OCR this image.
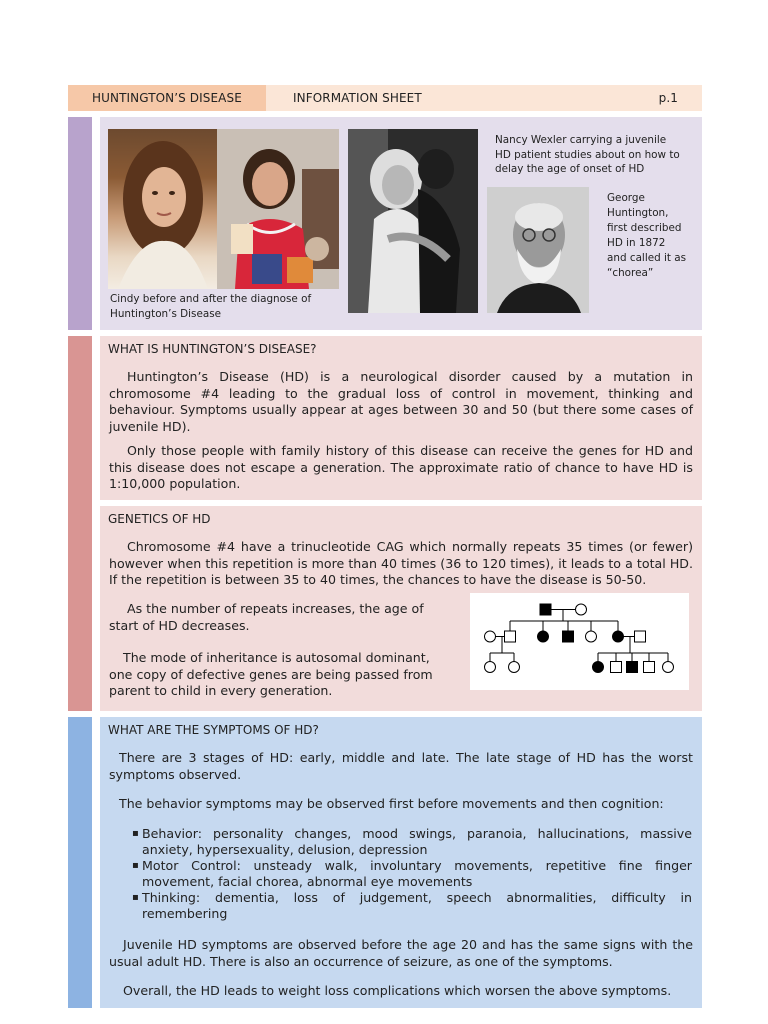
HUNTINGTON’S DISEASE	INFORMATION SHEET	p.1
Cindy before and after the diagnose of Huntington’s Disease
Nancy Wexler carrying a juvenile HD patient studies about on how to delay the age of onset of HD
George Huntington, first described HD in 1872 and called it as “chorea”
WHAT IS HUNTINGTON’S DISEASE?

Huntington’s Disease (HD) is a neurological disorder caused by a mutation in chromosome #4 leading to the gradual loss of control in movement, thinking and behaviour. Symptoms usually appear at ages between 30 and 50 (but there some cases of juvenile HD).

Only those people with family history of this disease can receive the genes for HD and this disease does not escape a generation. The approximate ratio of chance to have HD is 1:10,000 population.

GENETICS OF HD

Chromosome #4 have a trinucleotide CAG which normally repeats 35 times (or fewer) however when this repetition is more than 40 times (36 to 120 times), it leads to a total HD. If the repetition is between 35 to 40 times, the chances to have the disease is 50-50.

As the number of repeats increases, the age of start of HD decreases.

The mode of inheritance is autosomal dominant, one copy of defective genes are being passed from parent to child in every generation.

WHAT ARE THE SYMPTOMS OF HD?

There are 3 stages of HD: early, middle and late. The late stage of HD has the worst symptoms observed.

The behavior symptoms may be observed first before movements and then cognition:

▪ Behavior: personality changes, mood swings, paranoia, hallucinations, massive anxiety, hypersexuality, delusion, depression
▪ Motor Control: unsteady walk, involuntary movements, repetitive fine finger movement, facial chorea, abnormal eye movements
▪ Thinking: dementia, loss of judgement, speech abnormalities, difficulty in remembering

Juvenile HD symptoms are observed before the age 20 and has the same signs with the usual adult HD. There is also an occurrence of seizure, as one of the symptoms.

Overall, the HD leads to weight loss complications which worsen the above symptoms.
